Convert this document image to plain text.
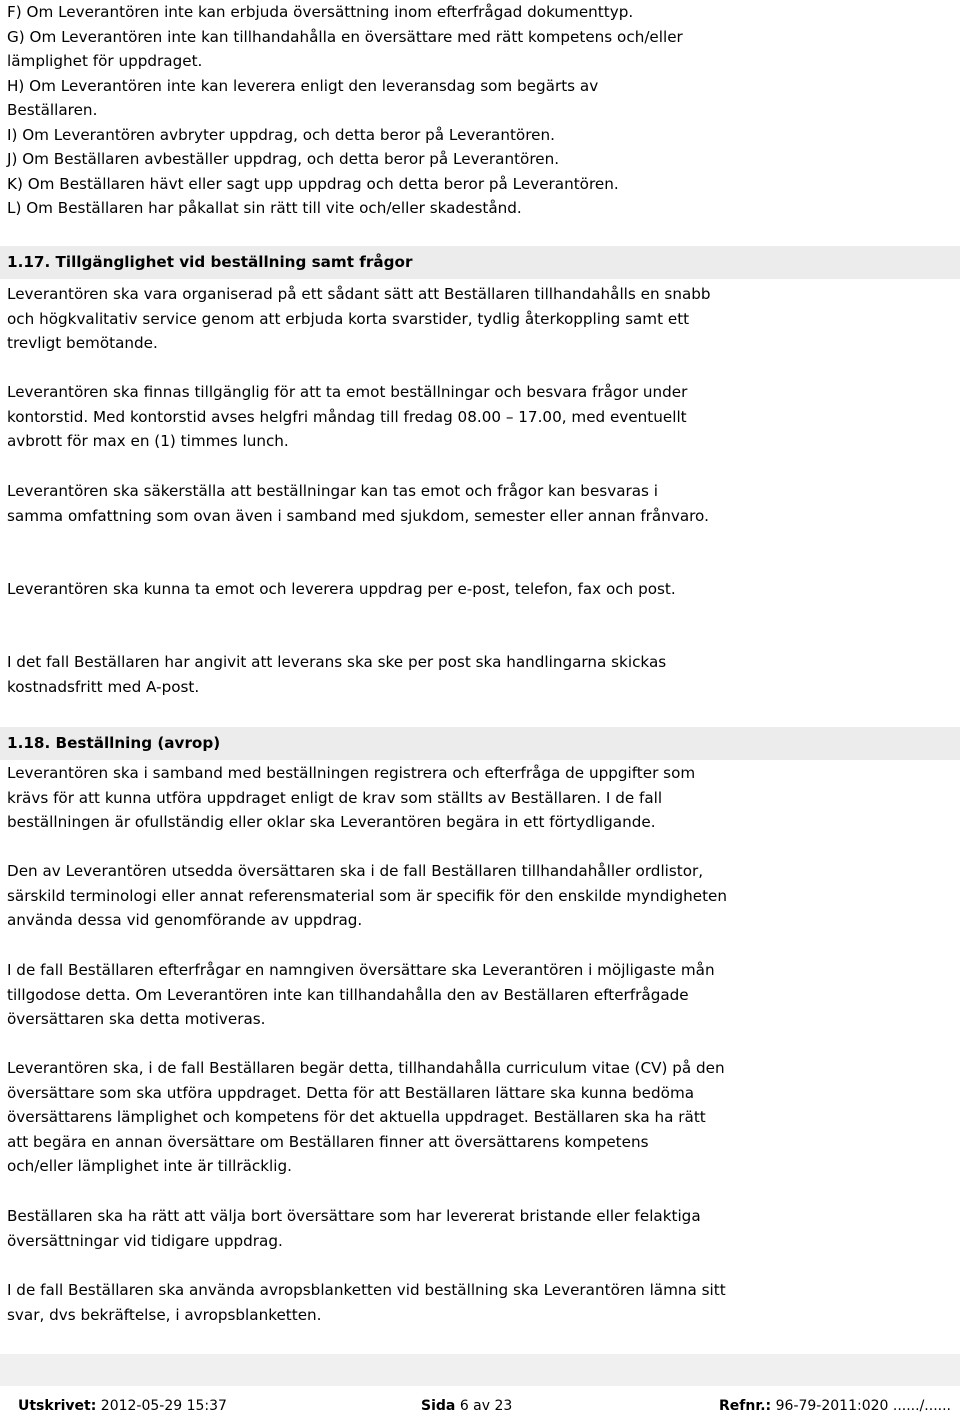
F) Om Leverantören inte kan erbjuda översättning inom efterfrågad dokumenttyp.
G) Om Leverantören inte kan tillhandahålla en översättare med rätt kompetens och/eller
lämplighet för uppdraget.
H) Om Leverantören inte kan leverera enligt den leveransdag som begärts av
Beställaren.
I) Om Leverantören avbryter uppdrag, och detta beror på Leverantören.
J) Om Beställaren avbeställer uppdrag, och detta beror på Leverantören.
K) Om Beställaren hävt eller sagt upp uppdrag och detta beror på Leverantören.
L) Om Beställaren har påkallat sin rätt till vite och/eller skadestånd.
1.17. Tillgänglighet vid beställning samt frågor
Leverantören ska vara organiserad på ett sådant sätt att Beställaren tillhandahålls en snabb
och högkvalitativ service genom att erbjuda korta svarstider, tydlig återkoppling samt ett
trevligt bemötande.
Leverantören ska finnas tillgänglig för att ta emot beställningar och besvara frågor under
kontorstid. Med kontorstid avses helgfri måndag till fredag 08.00 – 17.00, med eventuellt
avbrott för max en (1) timmes lunch.
Leverantören ska säkerställa att beställningar kan tas emot och frågor kan besvaras i
samma omfattning som ovan även i samband med sjukdom, semester eller annan frånvaro.
Leverantören ska kunna ta emot och leverera uppdrag per e-post, telefon, fax och post.
I det fall Beställaren har angivit att leverans ska ske per post ska handlingarna skickas
kostnadsfritt med A-post.
1.18. Beställning (avrop)
Leverantören ska i samband med beställningen registrera och efterfråga de uppgifter som
krävs för att kunna utföra uppdraget enligt de krav som ställts av Beställaren. I de fall
beställningen är ofullständig eller oklar ska Leverantören begära in ett förtydligande.
Den av Leverantören utsedda översättaren ska i de fall Beställaren tillhandahåller ordlistor,
särskild terminologi eller annat referensmaterial som är specifik för den enskilde myndigheten
använda dessa vid genomförande av uppdrag.
I de fall Beställaren efterfrågar en namngiven översättare ska Leverantören i möjligaste mån
tillgodose detta. Om Leverantören inte kan tillhandahålla den av Beställaren efterfrågade
översättaren ska detta motiveras.
Leverantören ska, i de fall Beställaren begär detta, tillhandahålla curriculum vitae (CV) på den
översättare som ska utföra uppdraget. Detta för att Beställaren lättare ska kunna bedöma
översättarens lämplighet och kompetens för det aktuella uppdraget. Beställaren ska ha rätt
att begära en annan översättare om Beställaren finner att översättarens kompetens
och/eller lämplighet inte är tillräcklig.
Beställaren ska ha rätt att välja bort översättare som har levererat bristande eller felaktiga
översättningar vid tidigare uppdrag.
I de fall Beställaren ska använda avropsblanketten vid beställning ska Leverantören lämna sitt
svar, dvs bekräftelse, i avropsblanketten.
Utskrivet: 2012-05-29 15:37	Sida 6 av 23	Refnr.: 96-79-2011:020 ....../......
